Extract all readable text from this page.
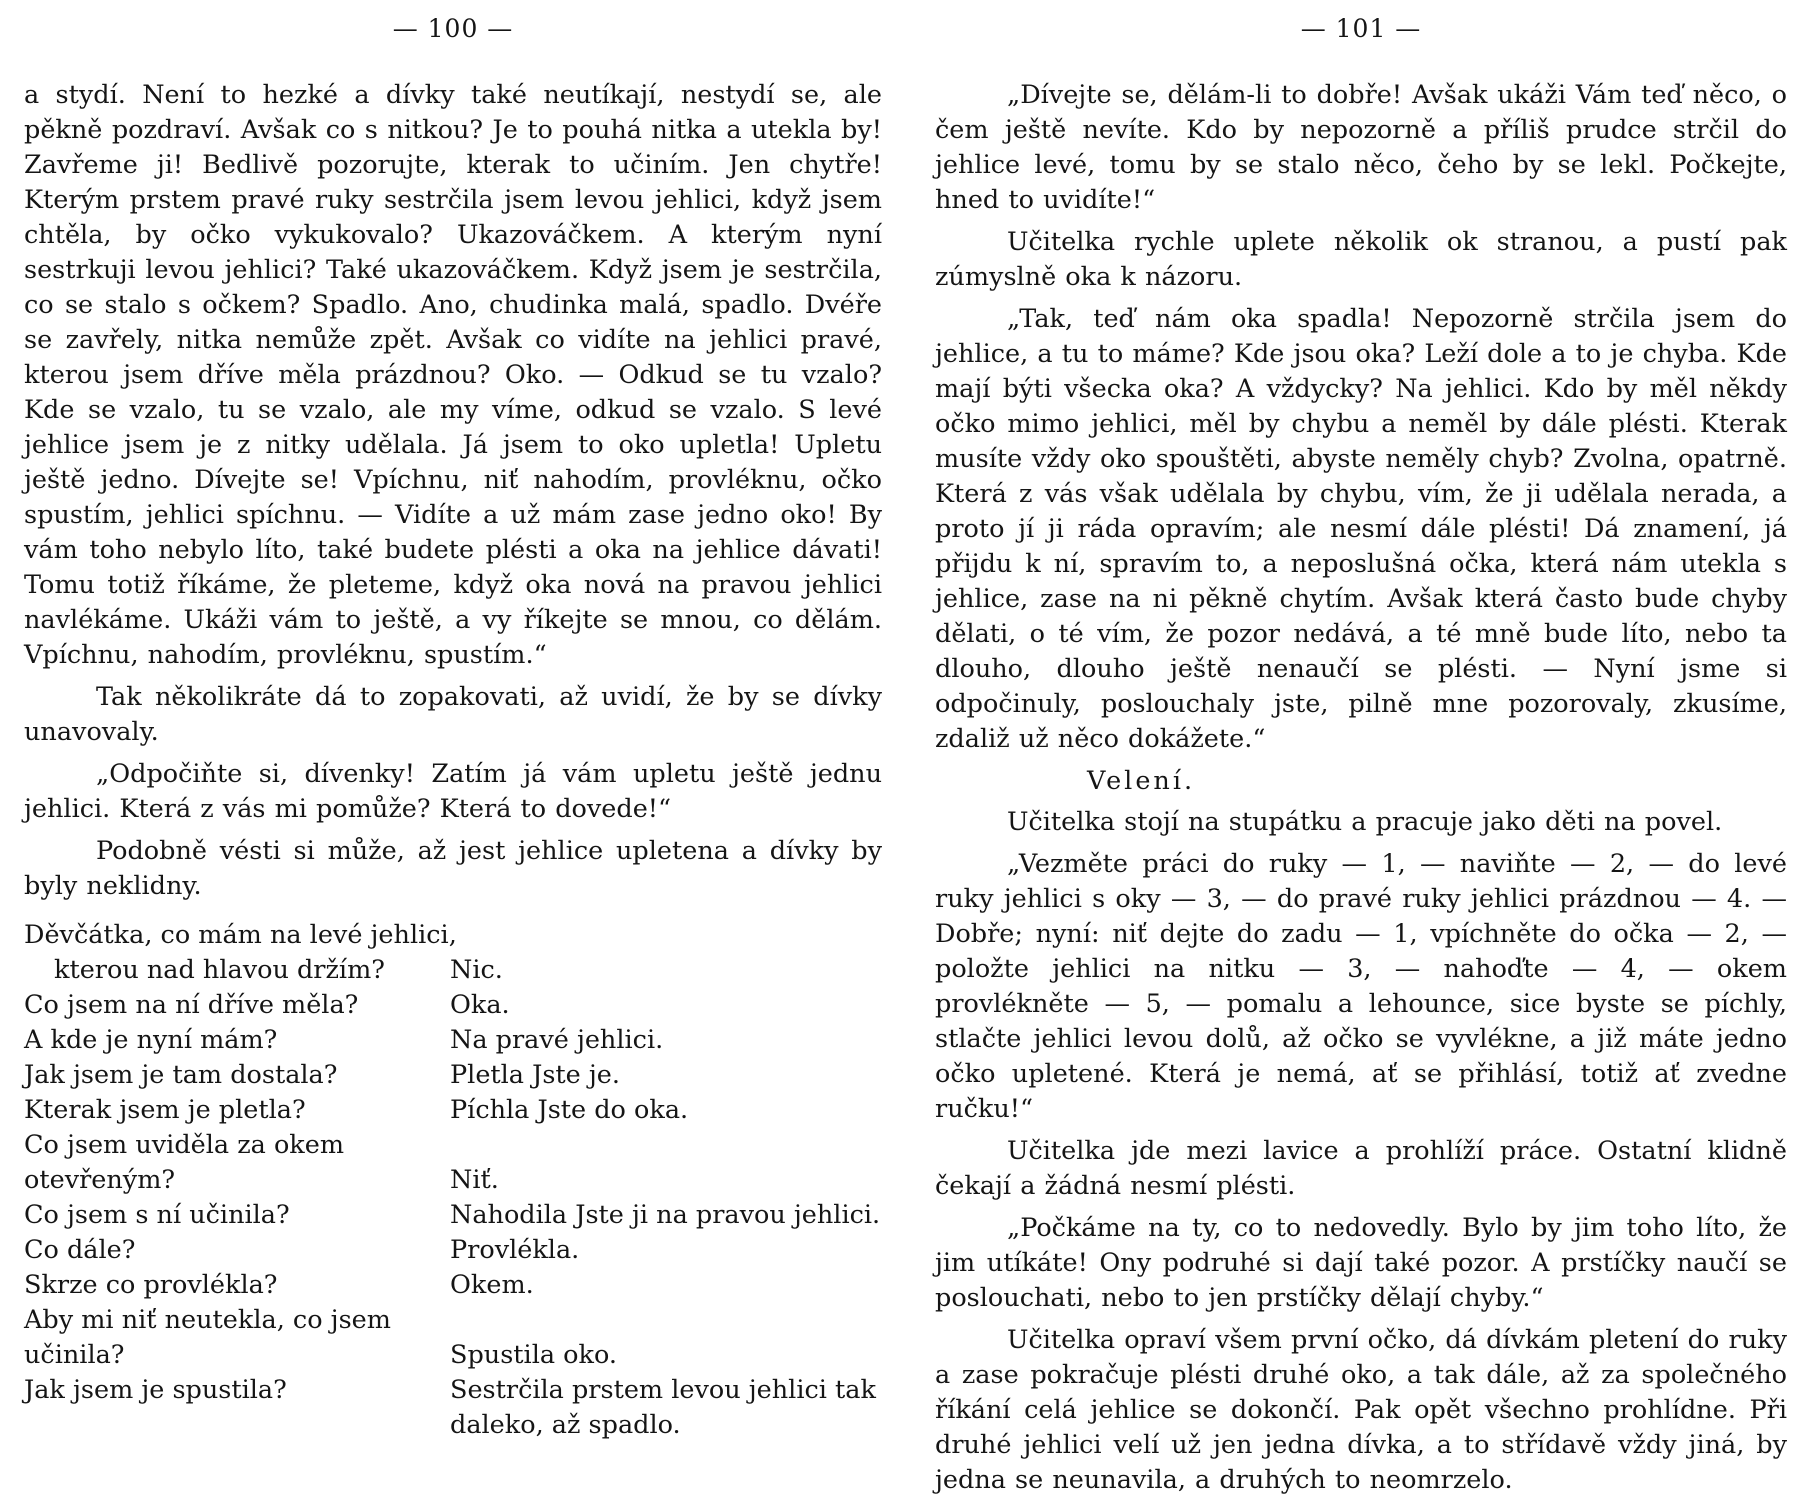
— 100 —

a stydí. Není to hezké a dívky také neutíkají, nestydí se, ale pěkně pozdraví. Avšak co s nitkou? Je to pouhá nitka a utekla by! Zavřeme ji! Bedlivě pozorujte, kterak to učiním. Jen chytře! Kterým prstem pravé ruky sestrčila jsem levou jehlici, když jsem chtěla, by očko vykukovalo? Ukazováčkem. A kterým nyní sestrkuji levou jehlici? Také ukazováčkem. Když jsem je sestrčila, co se stalo s očkem? Spadlo. Ano, chudinka malá, spadlo. Dvéře se zavřely, nitka nemůže zpět. Avšak co vidíte na jehlici pravé, kterou jsem dříve měla prázdnou? Oko. — Odkud se tu vzalo? Kde se vzalo, tu se vzalo, ale my víme, odkud se vzalo. S levé jehlice jsem je z nitky udělala. Já jsem to oko upletla! Upletu ještě jedno. Dívejte se! Vpíchnu, niť nahodím, provléknu, očko spustím, jehlici spíchnu. — Vidíte a už mám zase jedno oko! By vám toho nebylo líto, také budete plésti a oka na jehlice dávati! Tomu totiž říkáme, že pleteme, když oka nová na pravou jehlici navlékáme. Ukáži vám to ještě, a vy říkejte se mnou, co dělám. Vpíchnu, nahodím, provléknu, spustím.“

Tak několikráte dá to zopakovati, až uvidí, že by se dívky unavovaly.

„Odpočiňte si, dívenky! Zatím já vám upletu ještě jednu jehlici. Která z vás mi pomůže? Která to dovede!“

Podobně vésti si může, až jest jehlice upletena a dívky by byly neklidny.

Děvčátka, co mám na levé jehlici,
kterou nad hlavou držím?	Nic.
Co jsem na ní dříve měla?	Oka.
A kde je nyní mám?	Na pravé jehlici.
Jak jsem je tam dostala?	Pletla Jste je.
Kterak jsem je pletla?	Píchla Jste do oka.
Co jsem uviděla za okem otevřeným?	Niť.
Co jsem s ní učinila?	Nahodila Jste ji na pravou jehlici.
Co dále?	Provlékla.
Skrze co provlékla?	Okem.
Aby mi niť neutekla, co jsem učinila?	Spustila oko.
Jak jsem je spustila?	Sestrčila prstem levou jehlici tak daleko, až spadlo.
— 101 —

„Dívejte se, dělám-li to dobře! Avšak ukáži Vám teď něco, o čem ještě nevíte. Kdo by nepozorně a příliš prudce strčil do jehlice levé, tomu by se stalo něco, čeho by se lekl. Počkejte, hned to uvidíte!“

Učitelka rychle uplete několik ok stranou, a pustí pak zúmyslně oka k názoru.

„Tak, teď nám oka spadla! Nepozorně strčila jsem do jehlice, a tu to máme? Kde jsou oka? Leží dole a to je chyba. Kde mají býti všecka oka? A vždycky? Na jehlici. Kdo by měl někdy očko mimo jehlici, měl by chybu a neměl by dále plésti. Kterak musíte vždy oko spouštěti, abyste neměly chyb? Zvolna, opatrně. Která z vás však udělala by chybu, vím, že ji udělala nerada, a proto jí ji ráda opravím; ale nesmí dále plésti! Dá znamení, já přijdu k ní, spravím to, a neposlušná očka, která nám utekla s jehlice, zase na ni pěkně chytím. Avšak která často bude chyby dělati, o té vím, že pozor nedává, a té mně bude líto, nebo ta dlouho, dlouho ještě nenaučí se plésti. — Nyní jsme si odpočinuly, poslouchaly jste, pilně mne pozorovaly, zkusíme, zdaliž už něco dokážete.“

Velení.

Učitelka stojí na stupátku a pracuje jako děti na povel.

„Vezměte práci do ruky — 1, — naviňte — 2, — do levé ruky jehlici s oky — 3, — do pravé ruky jehlici prázdnou — 4. — Dobře; nyní: niť dejte do zadu — 1, vpíchněte do očka — 2, — položte jehlici na nitku — 3, — nahoďte — 4, — okem provlékněte — 5, — pomalu a lehounce, sice byste se píchly, stlačte jehlici levou dolů, až očko se vyvlékne, a již máte jedno očko upletené. Která je nemá, ať se přihlásí, totiž ať zvedne ručku!“

Učitelka jde mezi lavice a prohlíží práce. Ostatní klidně čekají a žádná nesmí plésti.

„Počkáme na ty, co to nedovedly. Bylo by jim toho líto, že jim utíkáte! Ony podruhé si dají také pozor. A prstíčky naučí se poslouchati, nebo to jen prstíčky dělají chyby.“

Učitelka opraví všem první očko, dá dívkám pletení do ruky a zase pokračuje plésti druhé oko, a tak dále, až za společného říkání celá jehlice se dokončí. Pak opět všechno prohlídne. Při druhé jehlici velí už jen jedna dívka, a to střídavě vždy jiná, by jedna se neunavila, a druhých to neomrzelo.
